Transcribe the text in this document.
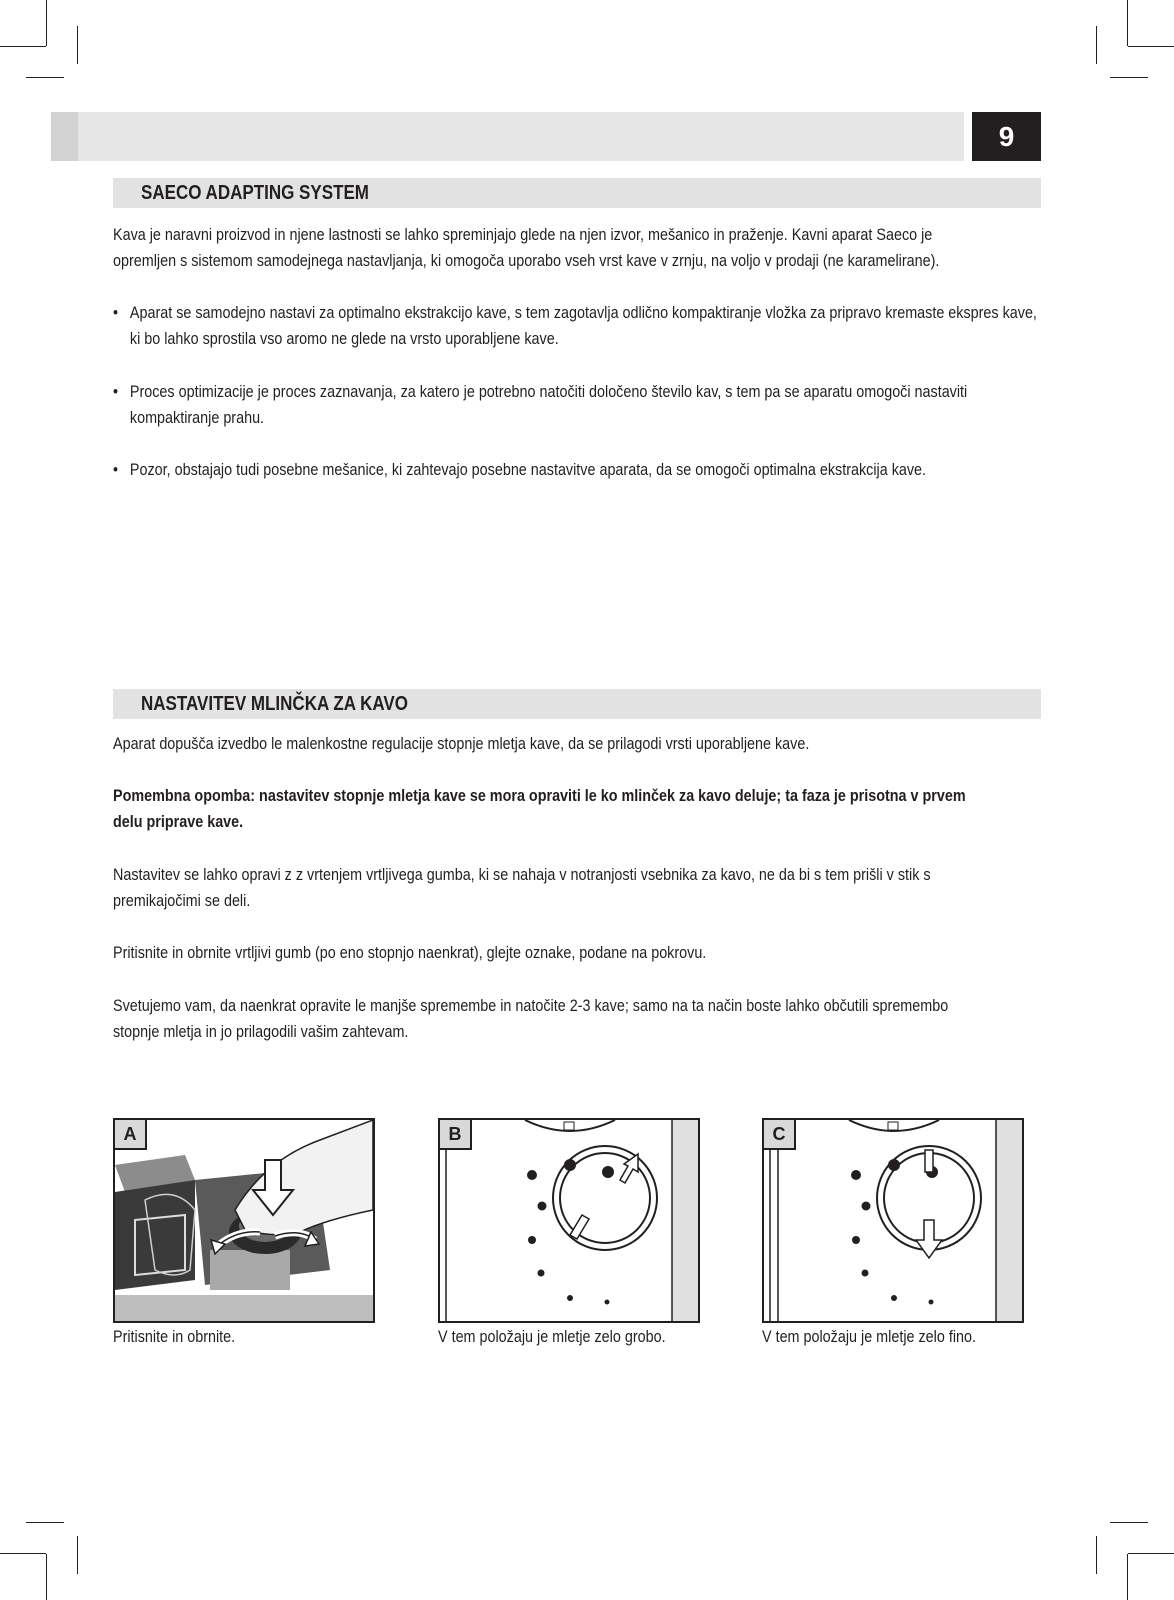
9
SAECO ADAPTING SYSTEM
Kava je naravni proizvod in njene lastnosti se lahko spreminjajo glede na njen izvor, mešanico in praženje. Kavni aparat Saeco je opremljen s sistemom samodejnega nastavljanja, ki omogoča uporabo vseh vrst kave v zrnju, na voljo v prodaji (ne karamelirane).
• Aparat se samodejno nastavi za optimalno ekstrakcijo kave, s tem zagotavlja odlično kompaktiranje vložka za pripravo kremaste ekspres kave, ki bo lahko sprostila vso aromo ne glede na vrsto uporabljene kave.
• Proces optimizacije je proces zaznavanja, za katero je potrebno natočiti določeno število kav, s tem pa se aparatu omogoči nastaviti kompaktiranje prahu.
• Pozor, obstajajo tudi posebne mešanice, ki zahtevajo posebne nastavitve aparata, da se omogoči optimalna ekstrakcija kave.
NASTAVITEV MLINČKA ZA KAVO
Aparat dopušča izvedbo le malenkostne regulacije stopnje mletja kave, da se prilagodi vrsti uporabljene kave.
Pomembna opomba: nastavitev stopnje mletja kave se mora opraviti le ko mlinček za kavo deluje; ta faza je prisotna v prvem delu priprave kave.
Nastavitev se lahko opravi z z vrtenjem vrtljivega gumba, ki se nahaja v notranjosti vsebnika za kavo, ne da bi s tem prišli v stik s premikajočimi se deli.
Pritisnite in obrnite vrtljivi gumb (po eno stopnjo naenkrat), glejte oznake, podane na pokrovu.
Svetujemo vam, da naenkrat opravite le manjše spremembe in natočite 2-3 kave; samo na ta način boste lahko občutili spremembo stopnje mletja in jo prilagodili vašim zahtevam.
A
Pritisnite in obrnite.
B
V tem položaju je mletje zelo grobo.
C
V tem položaju je mletje zelo fino.
